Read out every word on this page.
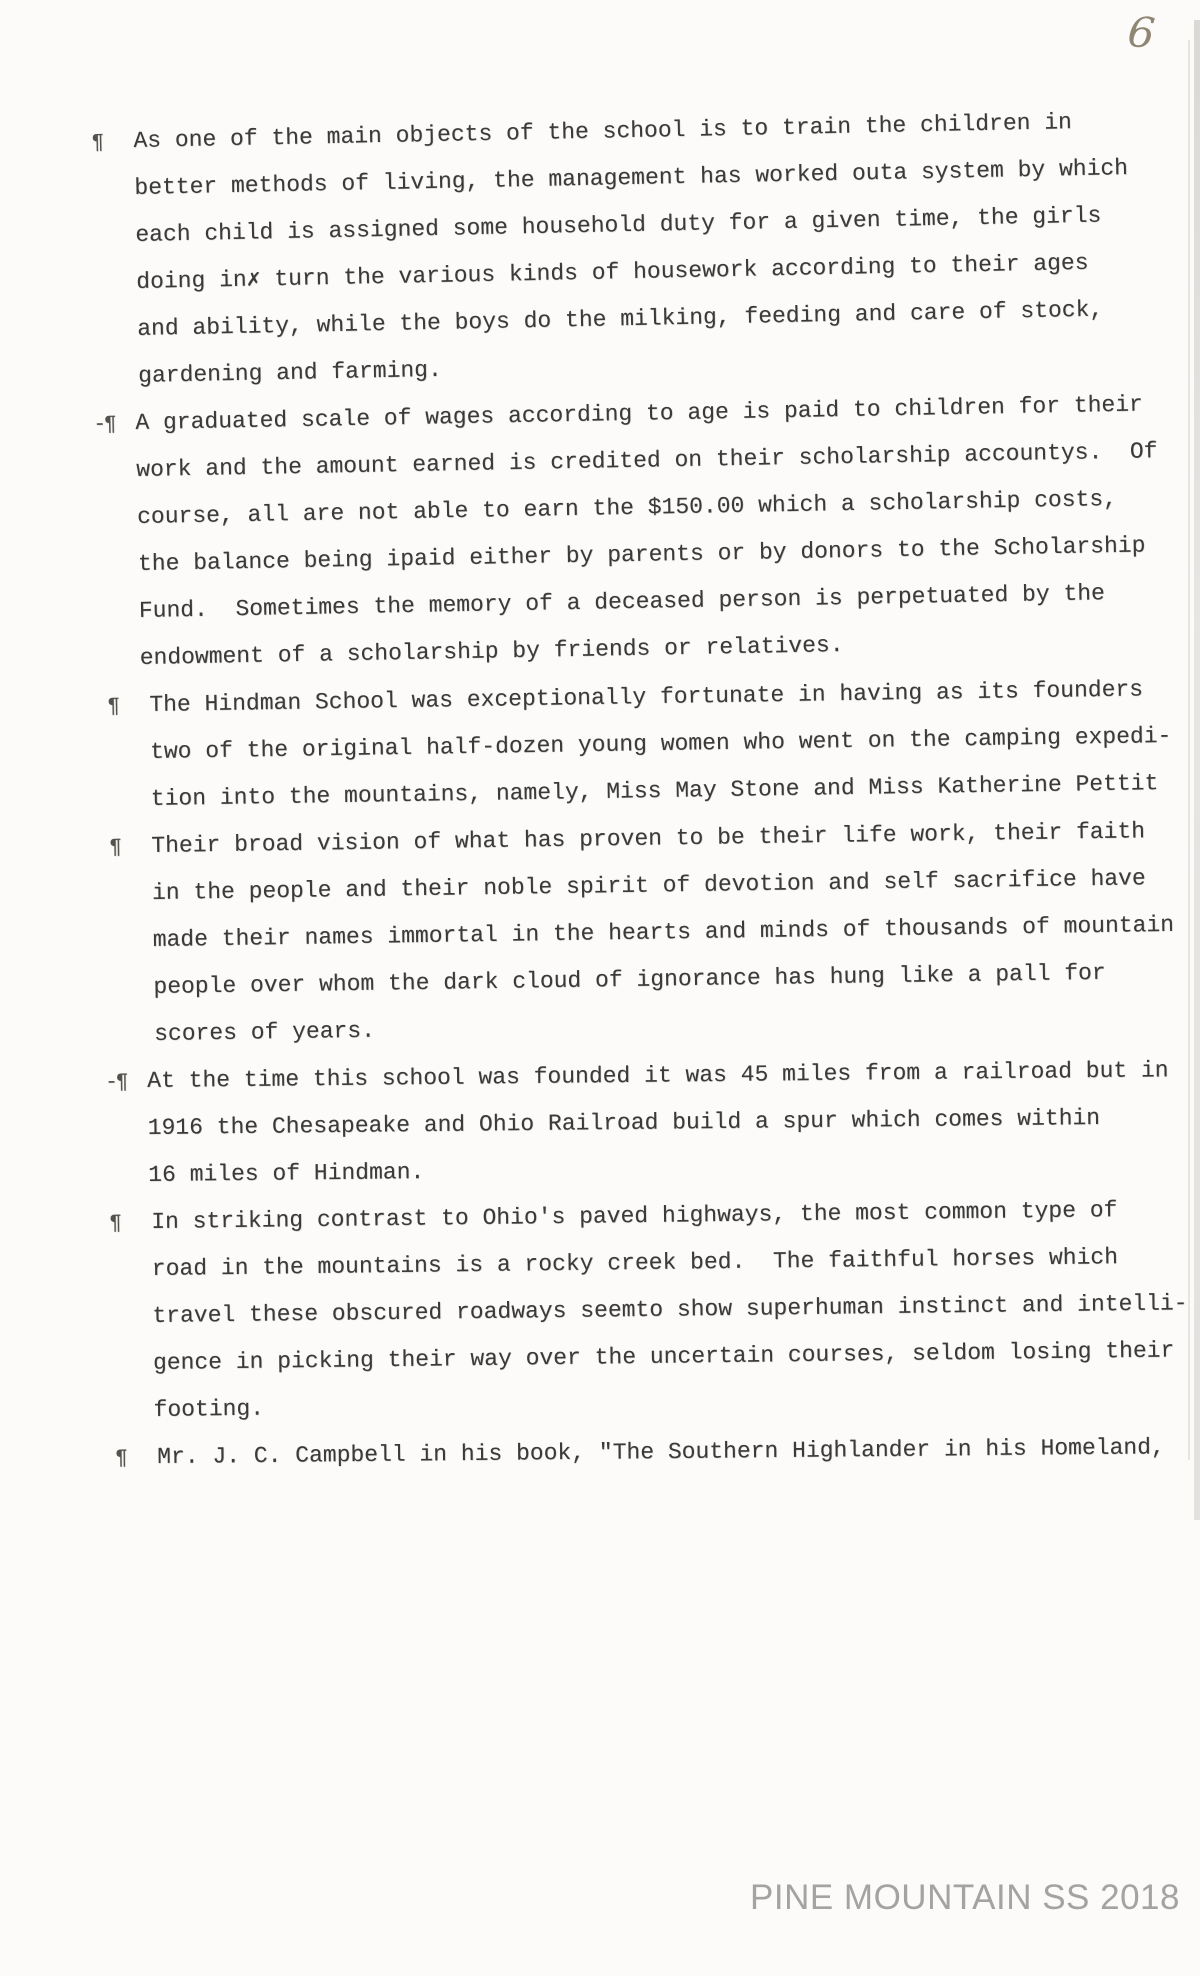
6
¶ As one of the main objects of the school is to train the children in
better methods of living, the management has worked outa system by which
each child is assigned some household duty for a given time, the girls
doing in✗ turn the various kinds of housework according to their ages
and ability, while the boys do the milking, feeding and care of stock,
gardening and farming.
-¶ A graduated scale of wages according to age is paid to children for their
work and the amount earned is credited on their scholarship accountys.  Of
course, all are not able to earn the $150.00 which a scholarship costs,
the balance being ipaid either by parents or by donors to the Scholarship
Fund.  Sometimes the memory of a deceased person is perpetuated by the
endowment of a scholarship by friends or relatives.
¶ The Hindman School was exceptionally fortunate in having as its founders
two of the original half-dozen young women who went on the camping expedi-
tion into the mountains, namely, Miss May Stone and Miss Katherine Pettit
¶ Their broad vision of what has proven to be their life work, their faith
in the people and their noble spirit of devotion and self sacrifice have
made their names immortal in the hearts and minds of thousands of mountain
people over whom the dark cloud of ignorance has hung like a pall for
scores of years.
-¶ At the time this school was founded it was 45 miles from a railroad but in
1916 the Chesapeake and Ohio Railroad build a spur which comes within
16 miles of Hindman.
¶ In striking contrast to Ohio's paved highways, the most common type of
road in the mountains is a rocky creek bed.  The faithful horses which
travel these obscured roadways seemto show superhuman instinct and intelli-
gence in picking their way over the uncertain courses, seldom losing their
footing.
¶ Mr. J. C. Campbell in his book, "The Southern Highlander in his Homeland,
PINE MOUNTAIN SS 2018
